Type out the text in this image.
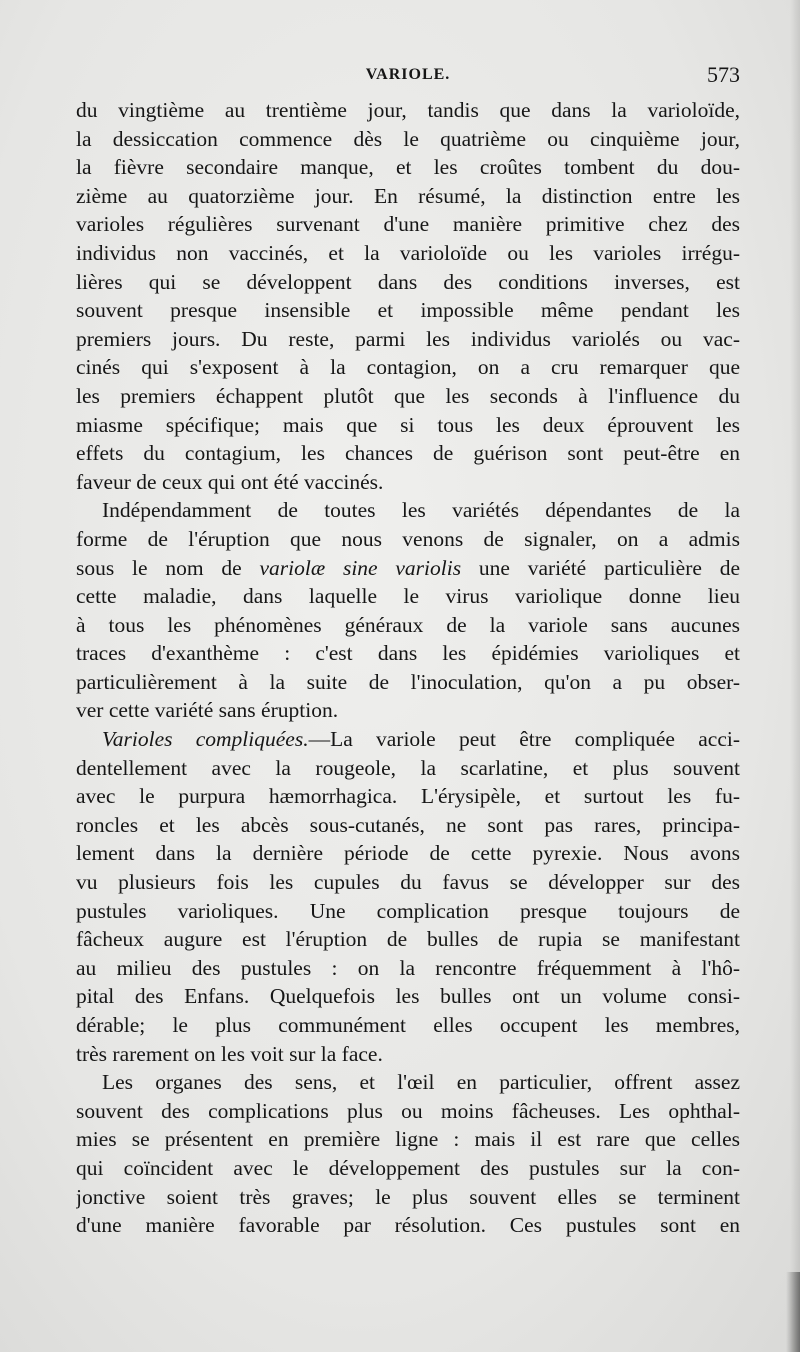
VARIOLE.	573
du vingtième au trentième jour, tandis que dans la varioloïde,
la dessiccation commence dès le quatrième ou cinquième jour,
la fièvre secondaire manque, et les croûtes tombent du dou-
zième au quatorzième jour. En résumé, la distinction entre les
varioles régulières survenant d'une manière primitive chez des
individus non vaccinés, et la varioloïde ou les varioles irrégu-
lières qui se développent dans des conditions inverses, est
souvent presque insensible et impossible même pendant les
premiers jours. Du reste, parmi les individus variolés ou vac-
cinés qui s'exposent à la contagion, on a cru remarquer que
les premiers échappent plutôt que les seconds à l'influence du
miasme spécifique; mais que si tous les deux éprouvent les
effets du contagium, les chances de guérison sont peut-être en
faveur de ceux qui ont été vaccinés.
Indépendamment de toutes les variétés dépendantes de la
forme de l'éruption que nous venons de signaler, on a admis
sous le nom de variolæ sine variolis une variété particulière de
cette maladie, dans laquelle le virus variolique donne lieu
à tous les phénomènes généraux de la variole sans aucunes
traces d'exanthème : c'est dans les épidémies varioliques et
particulièrement à la suite de l'inoculation, qu'on a pu obser-
ver cette variété sans éruption.
Varioles compliquées.—La variole peut être compliquée acci-
dentellement avec la rougeole, la scarlatine, et plus souvent
avec le purpura hæmorrhagica. L'érysipèle, et surtout les fu-
roncles et les abcès sous-cutanés, ne sont pas rares, principa-
lement dans la dernière période de cette pyrexie. Nous avons
vu plusieurs fois les cupules du favus se développer sur des
pustules varioliques. Une complication presque toujours de
fâcheux augure est l'éruption de bulles de rupia se manifestant
au milieu des pustules : on la rencontre fréquemment à l'hô-
pital des Enfans. Quelquefois les bulles ont un volume consi-
dérable; le plus communément elles occupent les membres,
très rarement on les voit sur la face.
Les organes des sens, et l'œil en particulier, offrent assez
souvent des complications plus ou moins fâcheuses. Les ophthal-
mies se présentent en première ligne : mais il est rare que celles
qui coïncident avec le développement des pustules sur la con-
jonctive soient très graves; le plus souvent elles se terminent
d'une manière favorable par résolution. Ces pustules sont en
